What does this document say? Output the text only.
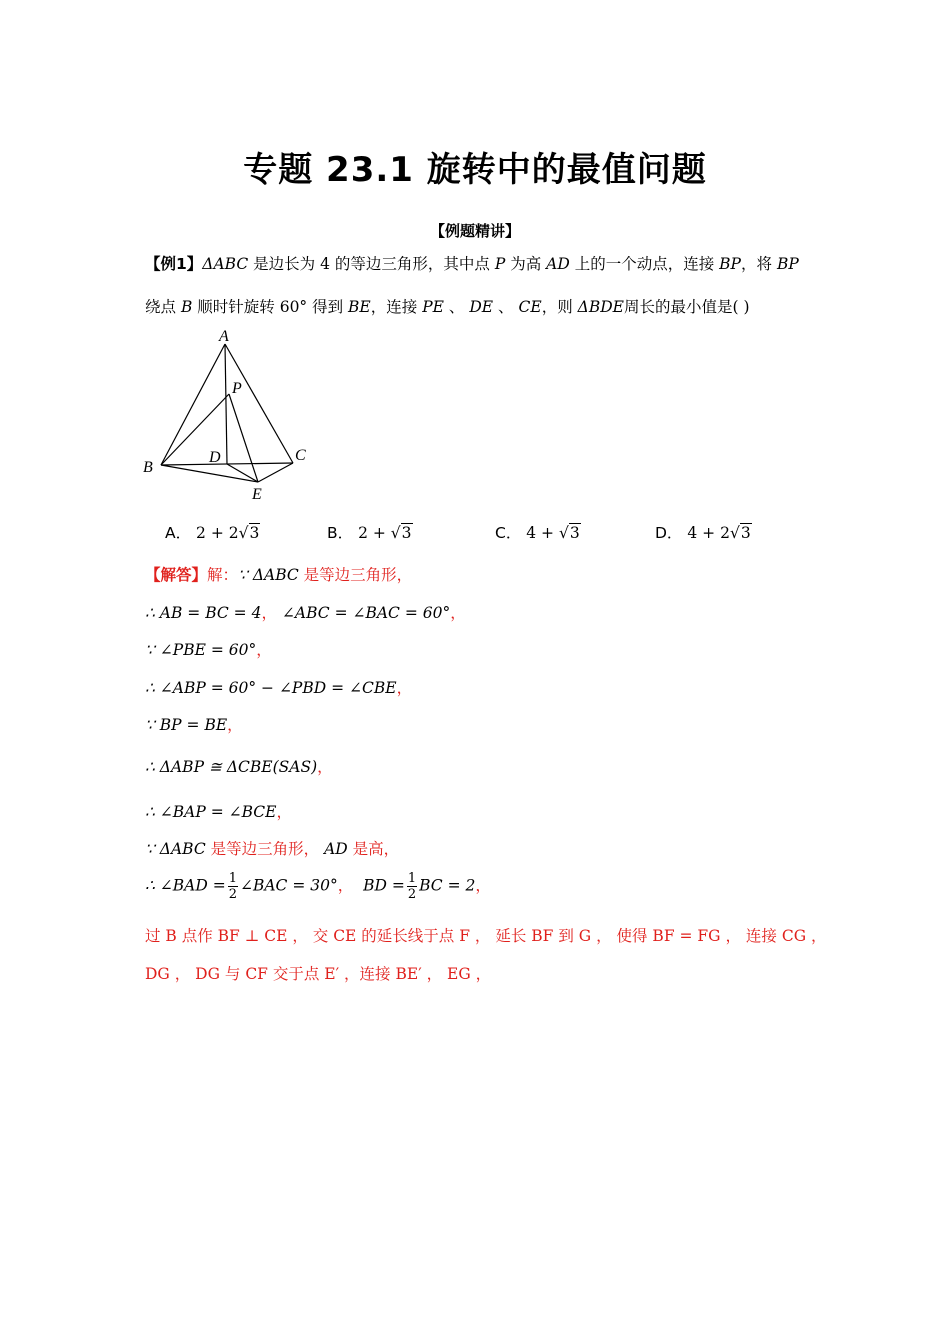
专题 23.1 旋转中的最值问题
【例题精讲】
【例1】ΔABC 是边长为 4 的等边三角形，其中点 P 为高 AD 上的一个动点，连接 BP，将 BP
绕点 B 顺时针旋转 60° 得到 BE，连接 PE 、 DE 、 CE，则 ΔBDE周长的最小值是( )
A
P
B
D	C
E
A． 2 + 2√3	B． 2 + √3	C． 4 + √3	D． 4 + 2√3
【解答】解：∵ ΔABC 是等边三角形，
∴ AB = BC = 4， ∠ABC = ∠BAC = 60°，
∵ ∠PBE = 60°，
∴ ∠ABP = 60° − ∠PBD = ∠CBE，
∵ BP = BE，
∴ ΔABP ≅ ΔCBE(SAS)，
∴ ∠BAP = ∠BCE，
∵ ΔABC 是等边三角形， AD 是高，
∴ ∠BAD = $\frac{1}{2}$ ∠BAC = 30°， BD = $\frac{1}{2}$ BC = 2，
过 B 点作 BF ⊥ CE ， 交 CE 的延长线于点 F ， 延长 BF 到 G ， 使得 BF = FG ， 连接 CG ，
DG ， DG 与 CF 交于点 E′ ，连接 BE′ ， EG ，
